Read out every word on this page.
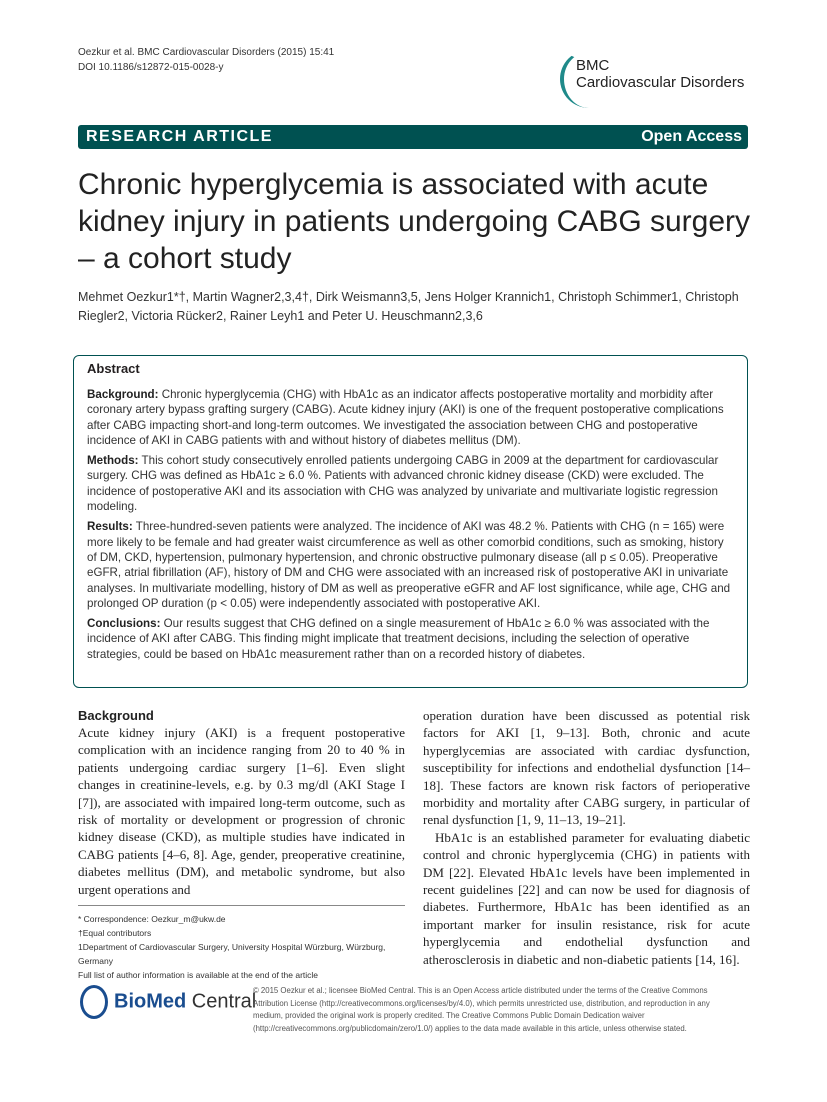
Oezkur et al. BMC Cardiovascular Disorders (2015) 15:41
DOI 10.1186/s12872-015-0028-y	BMC
Cardiovascular Disorders
RESEARCH ARTICLE	Open Access
Chronic hyperglycemia is associated with acute kidney injury in patients undergoing CABG surgery – a cohort study
Mehmet Oezkur1*†, Martin Wagner2,3,4†, Dirk Weismann3,5, Jens Holger Krannich1, Christoph Schimmer1, Christoph Riegler2, Victoria Rücker2, Rainer Leyh1 and Peter U. Heuschmann2,3,6
Abstract

Background: Chronic hyperglycemia (CHG) with HbA1c as an indicator affects postoperative mortality and morbidity after coronary artery bypass grafting surgery (CABG). Acute kidney injury (AKI) is one of the frequent postoperative complications after CABG impacting short-and long-term outcomes. We investigated the association between CHG and postoperative incidence of AKI in CABG patients with and without history of diabetes mellitus (DM).

Methods: This cohort study consecutively enrolled patients undergoing CABG in 2009 at the department for cardiovascular surgery. CHG was defined as HbA1c ≥ 6.0 %. Patients with advanced chronic kidney disease (CKD) were excluded. The incidence of postoperative AKI and its association with CHG was analyzed by univariate and multivariate logistic regression modeling.

Results: Three-hundred-seven patients were analyzed. The incidence of AKI was 48.2 %. Patients with CHG (n = 165) were more likely to be female and had greater waist circumference as well as other comorbid conditions, such as smoking, history of DM, CKD, hypertension, pulmonary hypertension, and chronic obstructive pulmonary disease (all p ≤ 0.05). Preoperative eGFR, atrial fibrillation (AF), history of DM and CHG were associated with an increased risk of postoperative AKI in univariate analyses. In multivariate modelling, history of DM as well as preoperative eGFR and AF lost significance, while age, CHG and prolonged OP duration (p < 0.05) were independently associated with postoperative AKI.

Conclusions: Our results suggest that CHG defined on a single measurement of HbA1c ≥ 6.0 % was associated with the incidence of AKI after CABG. This finding might implicate that treatment decisions, including the selection of operative strategies, could be based on HbA1c measurement rather than on a recorded history of diabetes.

Background

Acute kidney injury (AKI) is a frequent postoperative complication with an incidence ranging from 20 to 40 % in patients undergoing cardiac surgery [1–6]. Even slight changes in creatinine-levels, e.g. by 0.3 mg/dl (AKI Stage I [7]), are associated with impaired long-term outcome, such as risk of mortality or development or progression of chronic kidney disease (CKD), as multiple studies have indicated in CABG patients [4–6, 8]. Age, gender, preoperative creatinine, diabetes mellitus (DM), and metabolic syndrome, but also urgent operations and

operation duration have been discussed as potential risk factors for AKI [1, 9–13]. Both, chronic and acute hyperglycemias are associated with cardiac dysfunction, susceptibility for infections and endothelial dysfunction [14–18]. These factors are known risk factors of perioperative morbidity and mortality after CABG surgery, in particular of renal dysfunction [1, 9, 11–13, 19–21].

HbA1c is an established parameter for evaluating diabetic control and chronic hyperglycemia (CHG) in patients with DM [22]. Elevated HbA1c levels have been implemented in recent guidelines [22] and can now be used for diagnosis of diabetes. Furthermore, HbA1c has been identified as an important marker for insulin resistance, risk for acute hyperglycemia and endothelial dysfunction and atherosclerosis in diabetic and non-diabetic patients [14, 16].

* Correspondence: Oezkur_m@ukw.de
†Equal contributors
1Department of Cardiovascular Surgery, University Hospital Würzburg, Würzburg, Germany
Full list of author information is available at the end of the article
BioMed Central
© 2015 Oezkur et al.; licensee BioMed Central. This is an Open Access article distributed under the terms of the Creative Commons Attribution License (http://creativecommons.org/licenses/by/4.0), which permits unrestricted use, distribution, and reproduction in any medium, provided the original work is properly credited. The Creative Commons Public Domain Dedication waiver (http://creativecommons.org/publicdomain/zero/1.0/) applies to the data made available in this article, unless otherwise stated.
